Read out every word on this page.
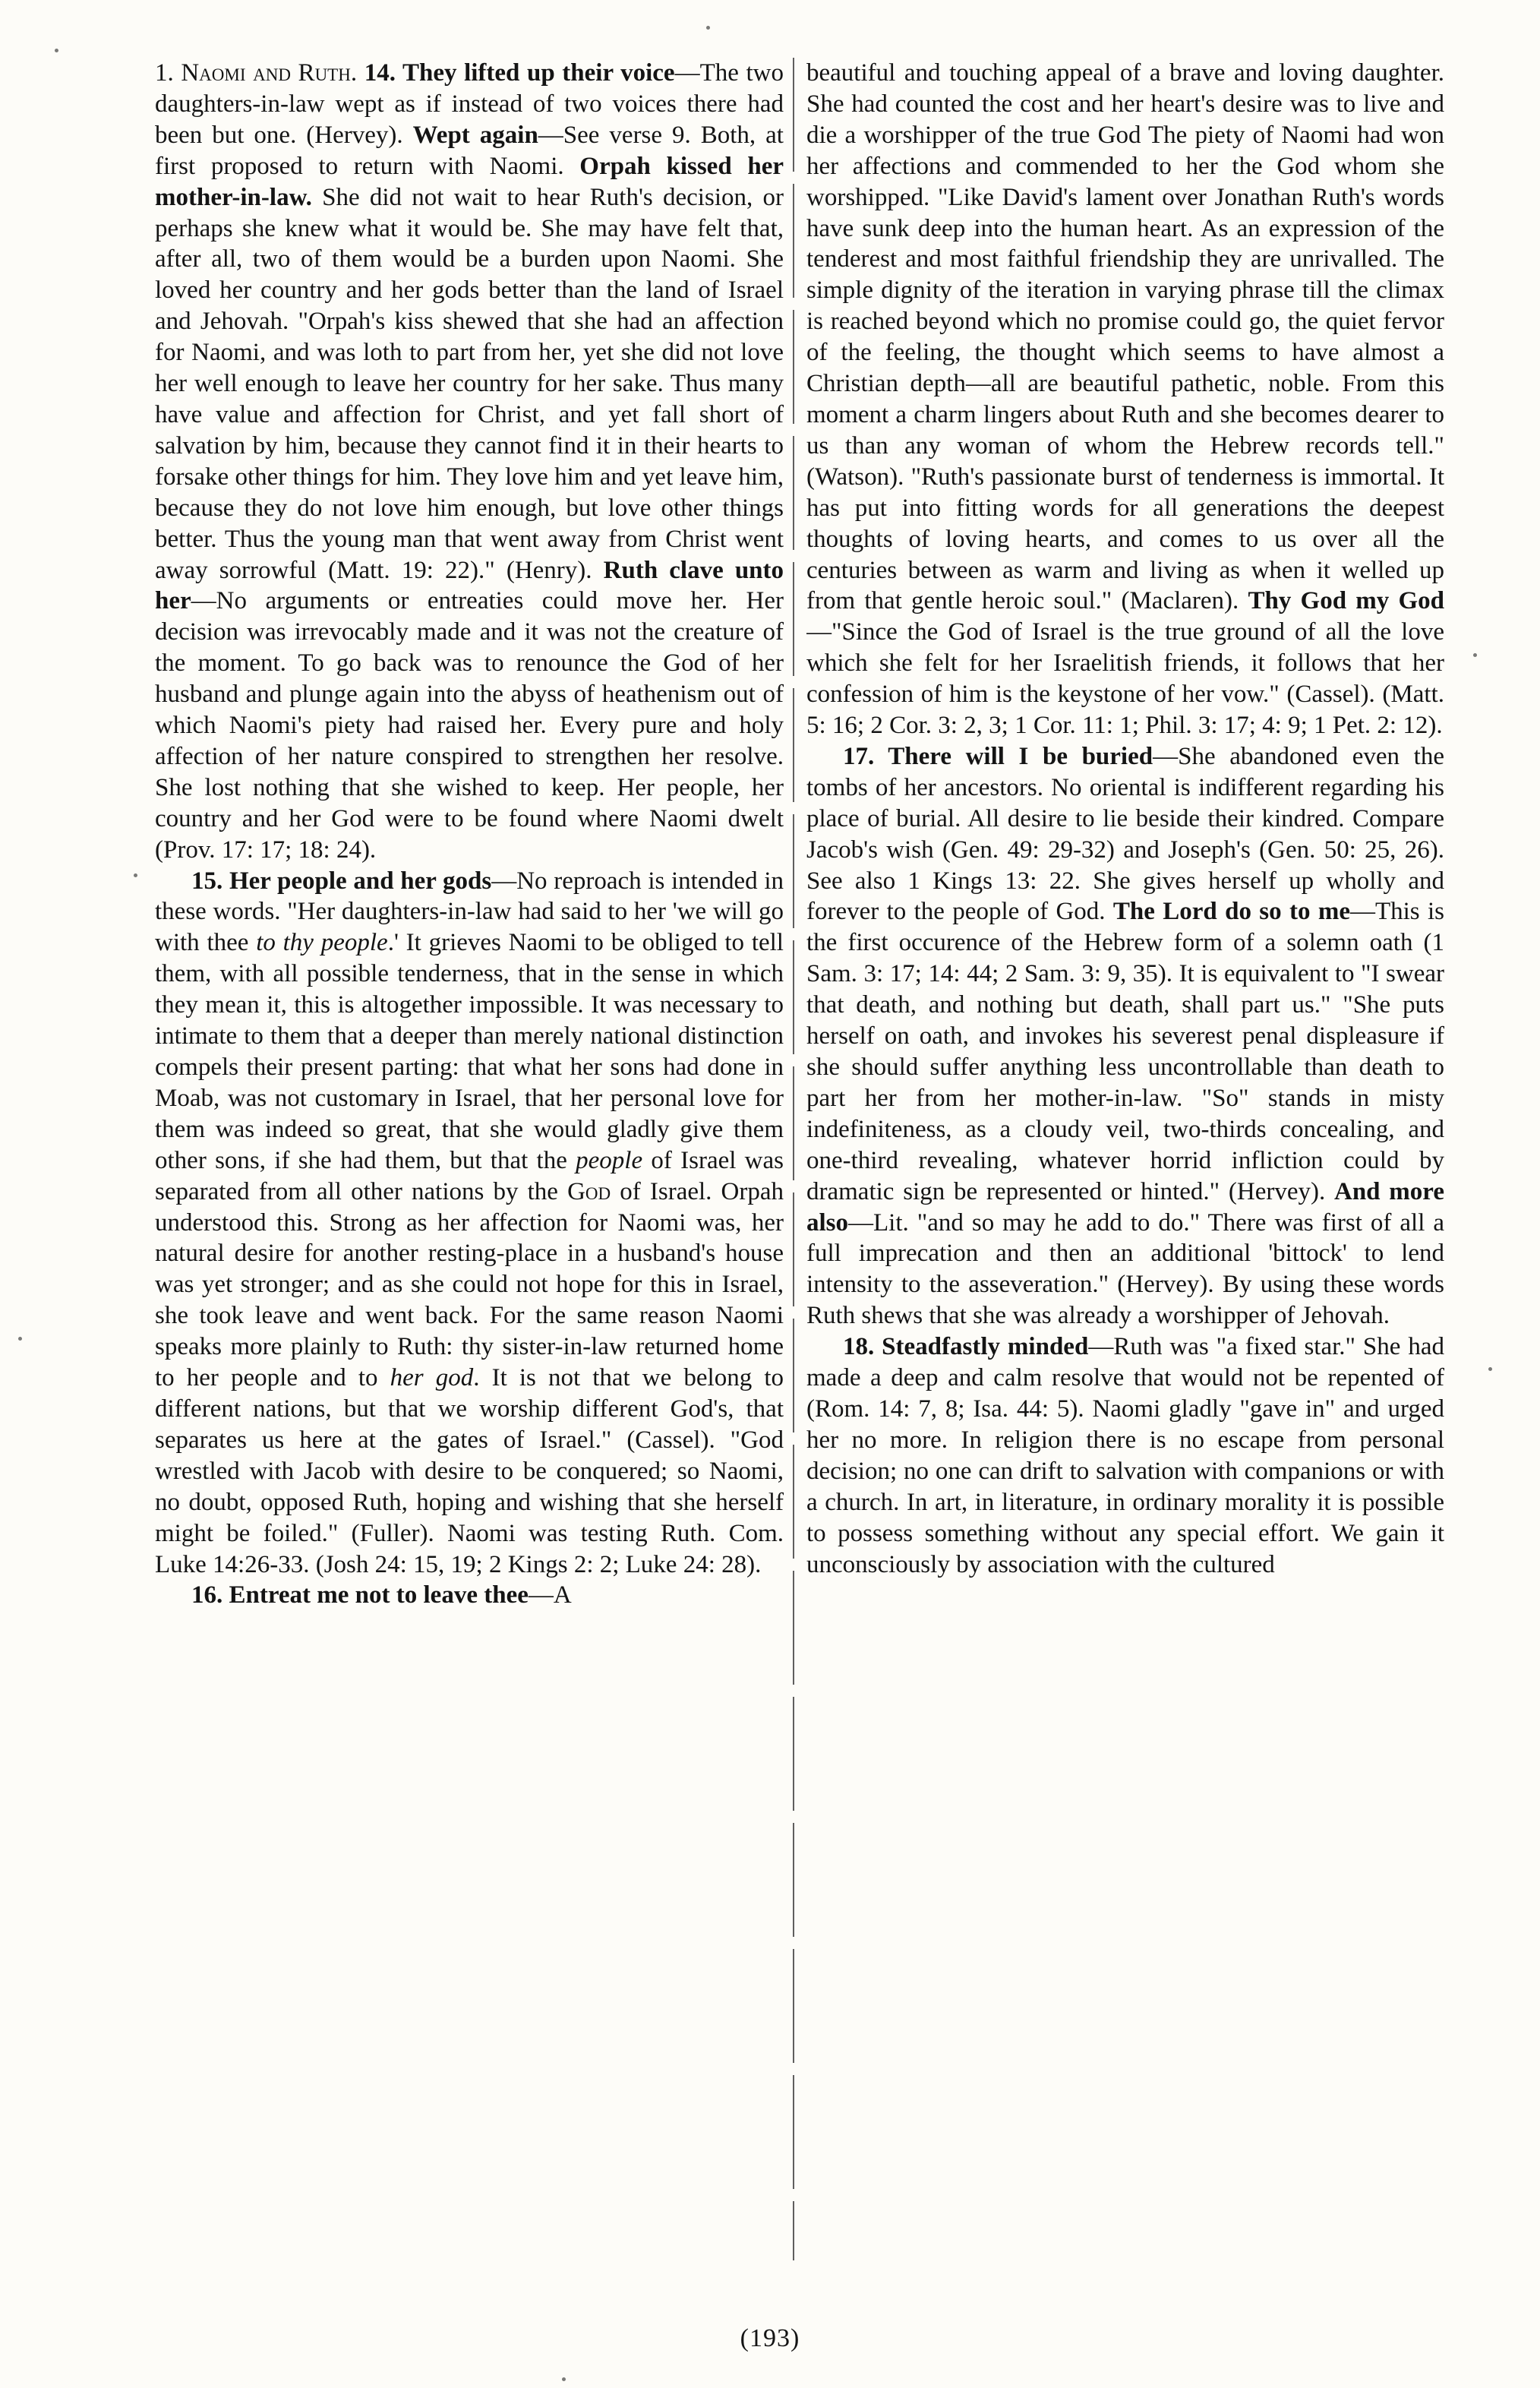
1. Naomi and Ruth. 14. They lifted up their voice—The two daughters-in-law wept as if instead of two voices there had been but one. (Hervey). Wept again—See verse 9. Both, at first proposed to return with Naomi. Orpah kissed her mother-in-law. She did not wait to hear Ruth's decision, or perhaps she knew what it would be. She may have felt that, after all, two of them would be a burden upon Naomi. She loved her country and her gods better than the land of Israel and Jehovah. "Orpah's kiss shewed that she had an affection for Naomi, and was loth to part from her, yet she did not love her well enough to leave her country for her sake. Thus many have value and affection for Christ, and yet fall short of salvation by him, because they cannot find it in their hearts to forsake other things for him. They love him and yet leave him, because they do not love him enough, but love other things better. Thus the young man that went away from Christ went away sorrowful (Matt. 19: 22)." (Henry). Ruth clave unto her—No arguments or entreaties could move her. Her decision was irrevocably made and it was not the creature of the moment. To go back was to renounce the God of her husband and plunge again into the abyss of heathenism out of which Naomi's piety had raised her. Every pure and holy affection of her nature conspired to strengthen her resolve. She lost nothing that she wished to keep. Her people, her country and her God were to be found where Naomi dwelt (Prov. 17: 17; 18: 24).

15. Her people and her gods—No reproach is intended in these words. "Her daughters-in-law had said to her 'we will go with thee to thy people.' It grieves Naomi to be obliged to tell them, with all possible tenderness, that in the sense in which they mean it, this is altogether impossible. It was necessary to intimate to them that a deeper than merely national distinction compels their present parting: that what her sons had done in Moab, was not customary in Israel, that her personal love for them was indeed so great, that she would gladly give them other sons, if she had them, but that the people of Israel was separated from all other nations by the God of Israel. Orpah understood this. Strong as her affection for Naomi was, her natural desire for another resting-place in a husband's house was yet stronger; and as she could not hope for this in Israel, she took leave and went back. For the same reason Naomi speaks more plainly to Ruth: thy sister-in-law returned home to her people and to her god. It is not that we belong to different nations, but that we worship different God's, that separates us here at the gates of Israel." (Cassel). "God wrestled with Jacob with desire to be conquered; so Naomi, no doubt, opposed Ruth, hoping and wishing that she herself might be foiled." (Fuller). Naomi was testing Ruth. Com. Luke 14:26-33. (Josh 24: 15, 19; 2 Kings 2: 2; Luke 24: 28).

16. Entreat me not to leave thee—A

beautiful and touching appeal of a brave and loving daughter. She had counted the cost and her heart's desire was to live and die a worshipper of the true God The piety of Naomi had won her affections and commended to her the God whom she worshipped. "Like David's lament over Jonathan Ruth's words have sunk deep into the human heart. As an expression of the tenderest and most faithful friendship they are unrivalled. The simple dignity of the iteration in varying phrase till the climax is reached beyond which no promise could go, the quiet fervor of the feeling, the thought which seems to have almost a Christian depth—all are beautiful pathetic, noble. From this moment a charm lingers about Ruth and she becomes dearer to us than any woman of whom the Hebrew records tell." (Watson). "Ruth's passionate burst of tenderness is immortal. It has put into fitting words for all generations the deepest thoughts of loving hearts, and comes to us over all the centuries between as warm and living as when it welled up from that gentle heroic soul." (Maclaren). Thy God my God—"Since the God of Israel is the true ground of all the love which she felt for her Israelitish friends, it follows that her confession of him is the keystone of her vow." (Cassel). (Matt. 5: 16; 2 Cor. 3: 2, 3; 1 Cor. 11: 1; Phil. 3: 17; 4: 9; 1 Pet. 2: 12).

17. There will I be buried—She abandoned even the tombs of her ancestors. No oriental is indifferent regarding his place of burial. All desire to lie beside their kindred. Compare Jacob's wish (Gen. 49: 29-32) and Joseph's (Gen. 50: 25, 26). See also 1 Kings 13: 22. She gives herself up wholly and forever to the people of God. The Lord do so to me—This is the first occurence of the Hebrew form of a solemn oath (1 Sam. 3: 17; 14: 44; 2 Sam. 3: 9, 35). It is equivalent to "I swear that death, and nothing but death, shall part us." "She puts herself on oath, and invokes his severest penal displeasure if she should suffer anything less uncontrollable than death to part her from her mother-in-law. "So" stands in misty indefiniteness, as a cloudy veil, two-thirds concealing, and one-third revealing, whatever horrid infliction could by dramatic sign be represented or hinted." (Hervey). And more also—Lit. "and so may he add to do." There was first of all a full imprecation and then an additional 'bittock' to lend intensity to the asseveration." (Hervey). By using these words Ruth shews that she was already a worshipper of Jehovah.

18. Steadfastly minded—Ruth was "a fixed star." She had made a deep and calm resolve that would not be repented of (Rom. 14: 7, 8; Isa. 44: 5). Naomi gladly "gave in" and urged her no more. In religion there is no escape from personal decision; no one can drift to salvation with companions or with a church. In art, in literature, in ordinary morality it is possible to possess something without any special effort. We gain it unconsciously by association with the cultured

(193)
